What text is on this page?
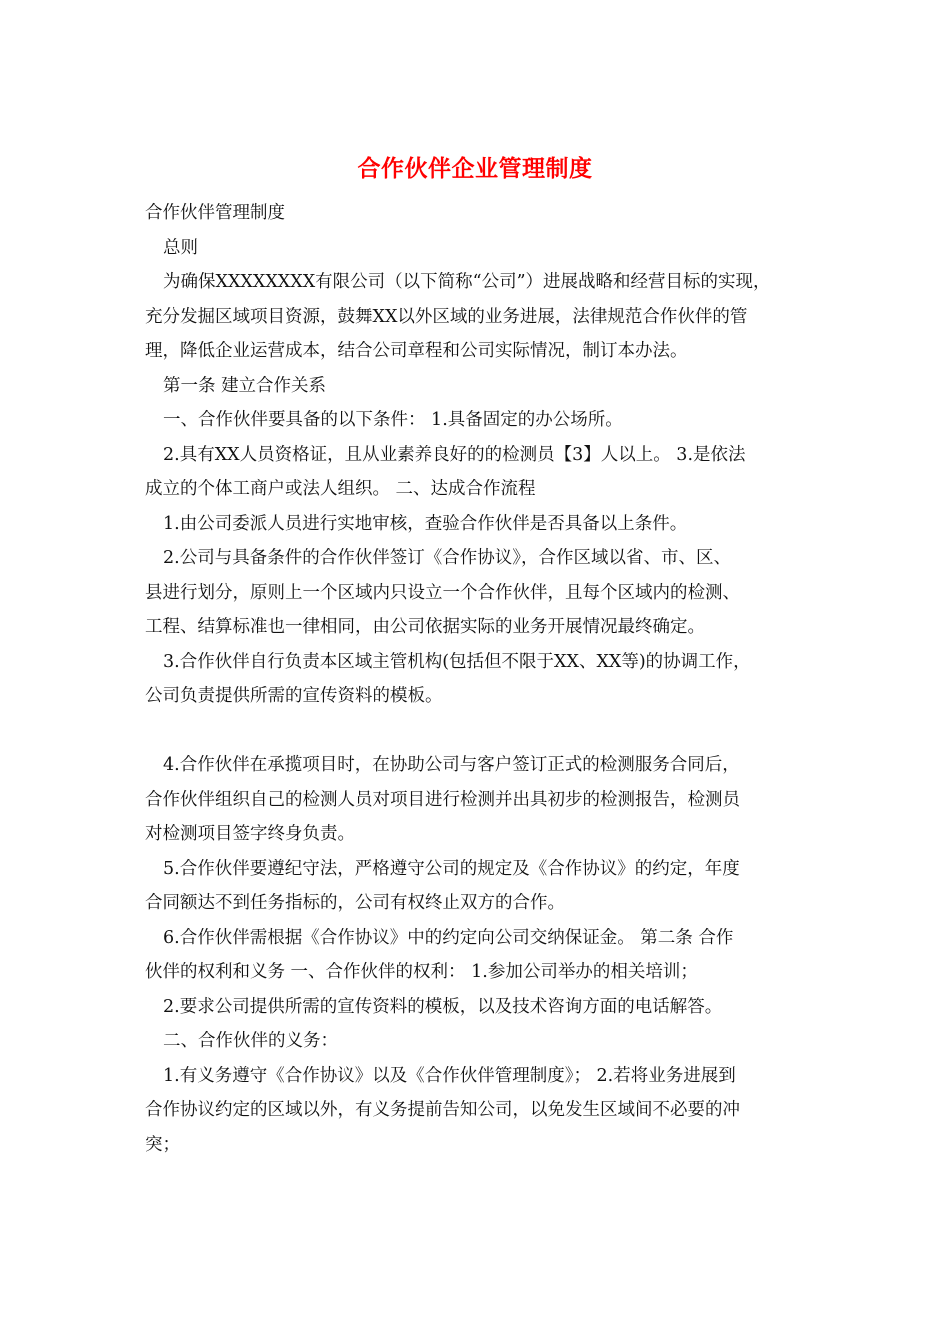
合作伙伴企业管理制度
合作伙伴管理制度
总则
为确保XXXXXXXX有限公司（以下简称“公司”）进展战略和经营目标的实现，
充分发掘区域项目资源，鼓舞XX以外区域的业务进展，法律规范合作伙伴的管
理，降低企业运营成本，结合公司章程和公司实际情况，制订本办法。
第一条 建立合作关系
一、合作伙伴要具备的以下条件： 1.具备固定的办公场所。
2.具有XX人员资格证，且从业素养良好的的检测员【3】人以上。 3.是依法
成立的个体工商户或法人组织。 二、达成合作流程
1.由公司委派人员进行实地审核，查验合作伙伴是否具备以上条件。
2.公司与具备条件的合作伙伴签订《合作协议》，合作区域以省、市、区、
县进行划分，原则上一个区域内只设立一个合作伙伴，且每个区域内的检测、
工程、结算标准也一律相同，由公司依据实际的业务开展情况最终确定。
3.合作伙伴自行负责本区域主管机构(包括但不限于XX、XX等)的协调工作，
公司负责提供所需的宣传资料的模板。
4.合作伙伴在承揽项目时，在协助公司与客户签订正式的检测服务合同后，
合作伙伴组织自己的检测人员对项目进行检测并出具初步的检测报告，检测员
对检测项目签字终身负责。
5.合作伙伴要遵纪守法，严格遵守公司的规定及《合作协议》的约定，年度
合同额达不到任务指标的，公司有权终止双方的合作。
6.合作伙伴需根据《合作协议》中的约定向公司交纳保证金。 第二条 合作
伙伴的权利和义务 一、合作伙伴的权利： 1.参加公司举办的相关培训；
2.要求公司提供所需的宣传资料的模板，以及技术咨询方面的电话解答。
二、合作伙伴的义务：
1.有义务遵守《合作协议》以及《合作伙伴管理制度》； 2.若将业务进展到
合作协议约定的区域以外，有义务提前告知公司，以免发生区域间不必要的冲
突；
